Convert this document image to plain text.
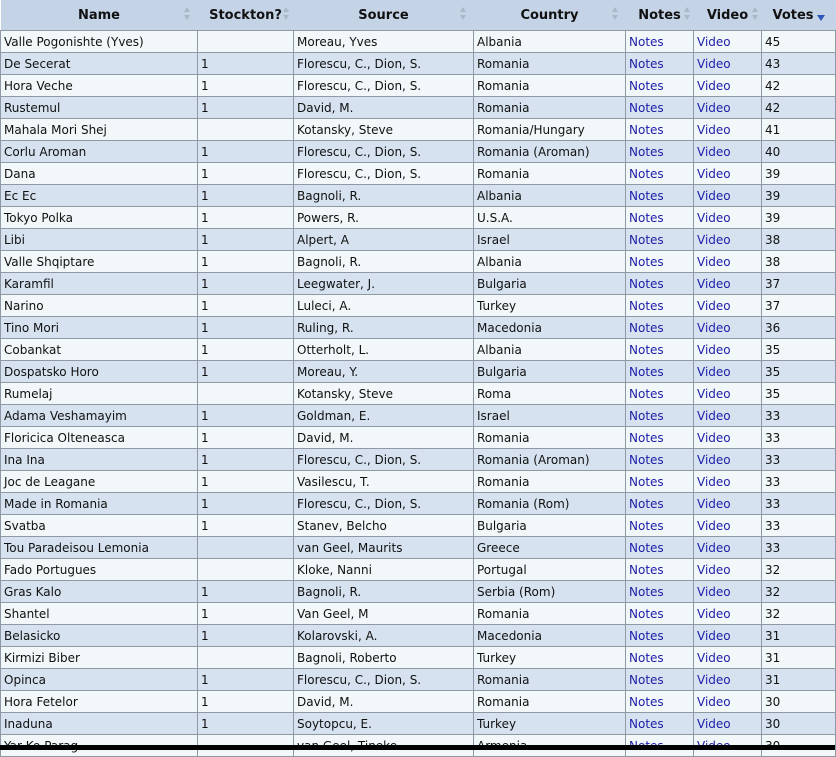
Name	Stockton?	Source	Country	Notes	Video	Votes
Valle Pogonishte (Yves)		Moreau, Yves	Albania	Notes	Video	45
De Secerat	1	Florescu, C., Dion, S.	Romania	Notes	Video	43
Hora Veche	1	Florescu, C., Dion, S.	Romania	Notes	Video	42
Rustemul	1	David, M.	Romania	Notes	Video	42
Mahala Mori Shej		Kotansky, Steve	Romania/Hungary	Notes	Video	41
Corlu Aroman	1	Florescu, C., Dion, S.	Romania (Aroman)	Notes	Video	40
Dana	1	Florescu, C., Dion, S.	Romania	Notes	Video	39
Ec Ec	1	Bagnoli, R.	Albania	Notes	Video	39
Tokyo Polka	1	Powers, R.	U.S.A.	Notes	Video	39
Libi	1	Alpert, A	Israel	Notes	Video	38
Valle Shqiptare	1	Bagnoli, R.	Albania	Notes	Video	38
Karamfil	1	Leegwater, J.	Bulgaria	Notes	Video	37
Narino	1	Luleci, A.	Turkey	Notes	Video	37
Tino Mori	1	Ruling, R.	Macedonia	Notes	Video	36
Cobankat	1	Otterholt, L.	Albania	Notes	Video	35
Dospatsko Horo	1	Moreau, Y.	Bulgaria	Notes	Video	35
Rumelaj		Kotansky, Steve	Roma	Notes	Video	35
Adama Veshamayim	1	Goldman, E.	Israel	Notes	Video	33
Floricica Olteneasca	1	David, M.	Romania	Notes	Video	33
Ina Ina	1	Florescu, C., Dion, S.	Romania (Aroman)	Notes	Video	33
Joc de Leagane	1	Vasilescu, T.	Romania	Notes	Video	33
Made in Romania	1	Florescu, C., Dion, S.	Romania (Rom)	Notes	Video	33
Svatba	1	Stanev, Belcho	Bulgaria	Notes	Video	33
Tou Paradeisou Lemonia		van Geel, Maurits	Greece	Notes	Video	33
Fado Portugues		Kloke, Nanni	Portugal	Notes	Video	32
Gras Kalo	1	Bagnoli, R.	Serbia (Rom)	Notes	Video	32
Shantel	1	Van Geel, M	Romania	Notes	Video	32
Belasicko	1	Kolarovski, A.	Macedonia	Notes	Video	31
Kirmizi Biber		Bagnoli, Roberto	Turkey	Notes	Video	31
Opinca	1	Florescu, C., Dion, S.	Romania	Notes	Video	31
Hora Fetelor	1	David, M.	Romania	Notes	Video	30
Inaduna	1	Soytopcu, E.	Turkey	Notes	Video	30
